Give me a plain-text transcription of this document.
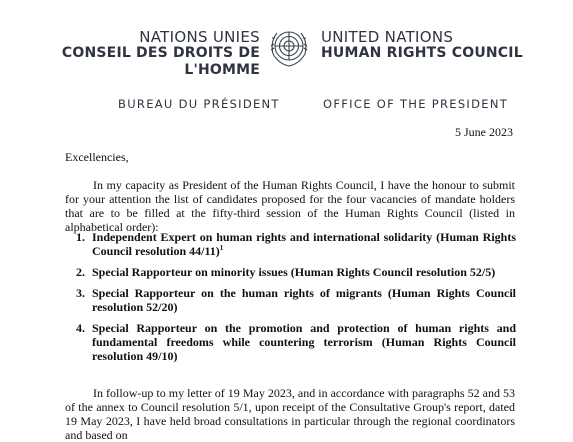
NATIONS UNIES
CONSEIL DES DROITS DE L'HOMME
UNITED NATIONS
HUMAN RIGHTS COUNCIL
BUREAU DU PRÉSIDENT	OFFICE OF THE PRESIDENT
5 June 2023
Excellencies,
In my capacity as President of the Human Rights Council, I have the honour to submit for your attention the list of candidates proposed for the four vacancies of mandate holders that are to be filled at the fifty-third session of the Human Rights Council (listed in alphabetical order):
1. Independent Expert on human rights and international solidarity (Human Rights Council resolution 44/11)$^1$
2. Special Rapporteur on minority issues (Human Rights Council resolution 52/5)
3. Special Rapporteur on the human rights of migrants (Human Rights Council resolution 52/20)
4. Special Rapporteur on the promotion and protection of human rights and fundamental freedoms while countering terrorism (Human Rights Council resolution 49/10)
In follow-up to my letter of 19 May 2023, and in accordance with paragraphs 52 and 53 of the annex to Council resolution 5/1, upon receipt of the Consultative Group's report, dated 19 May 2023, I have held broad consultations in particular through the regional coordinators and based on
